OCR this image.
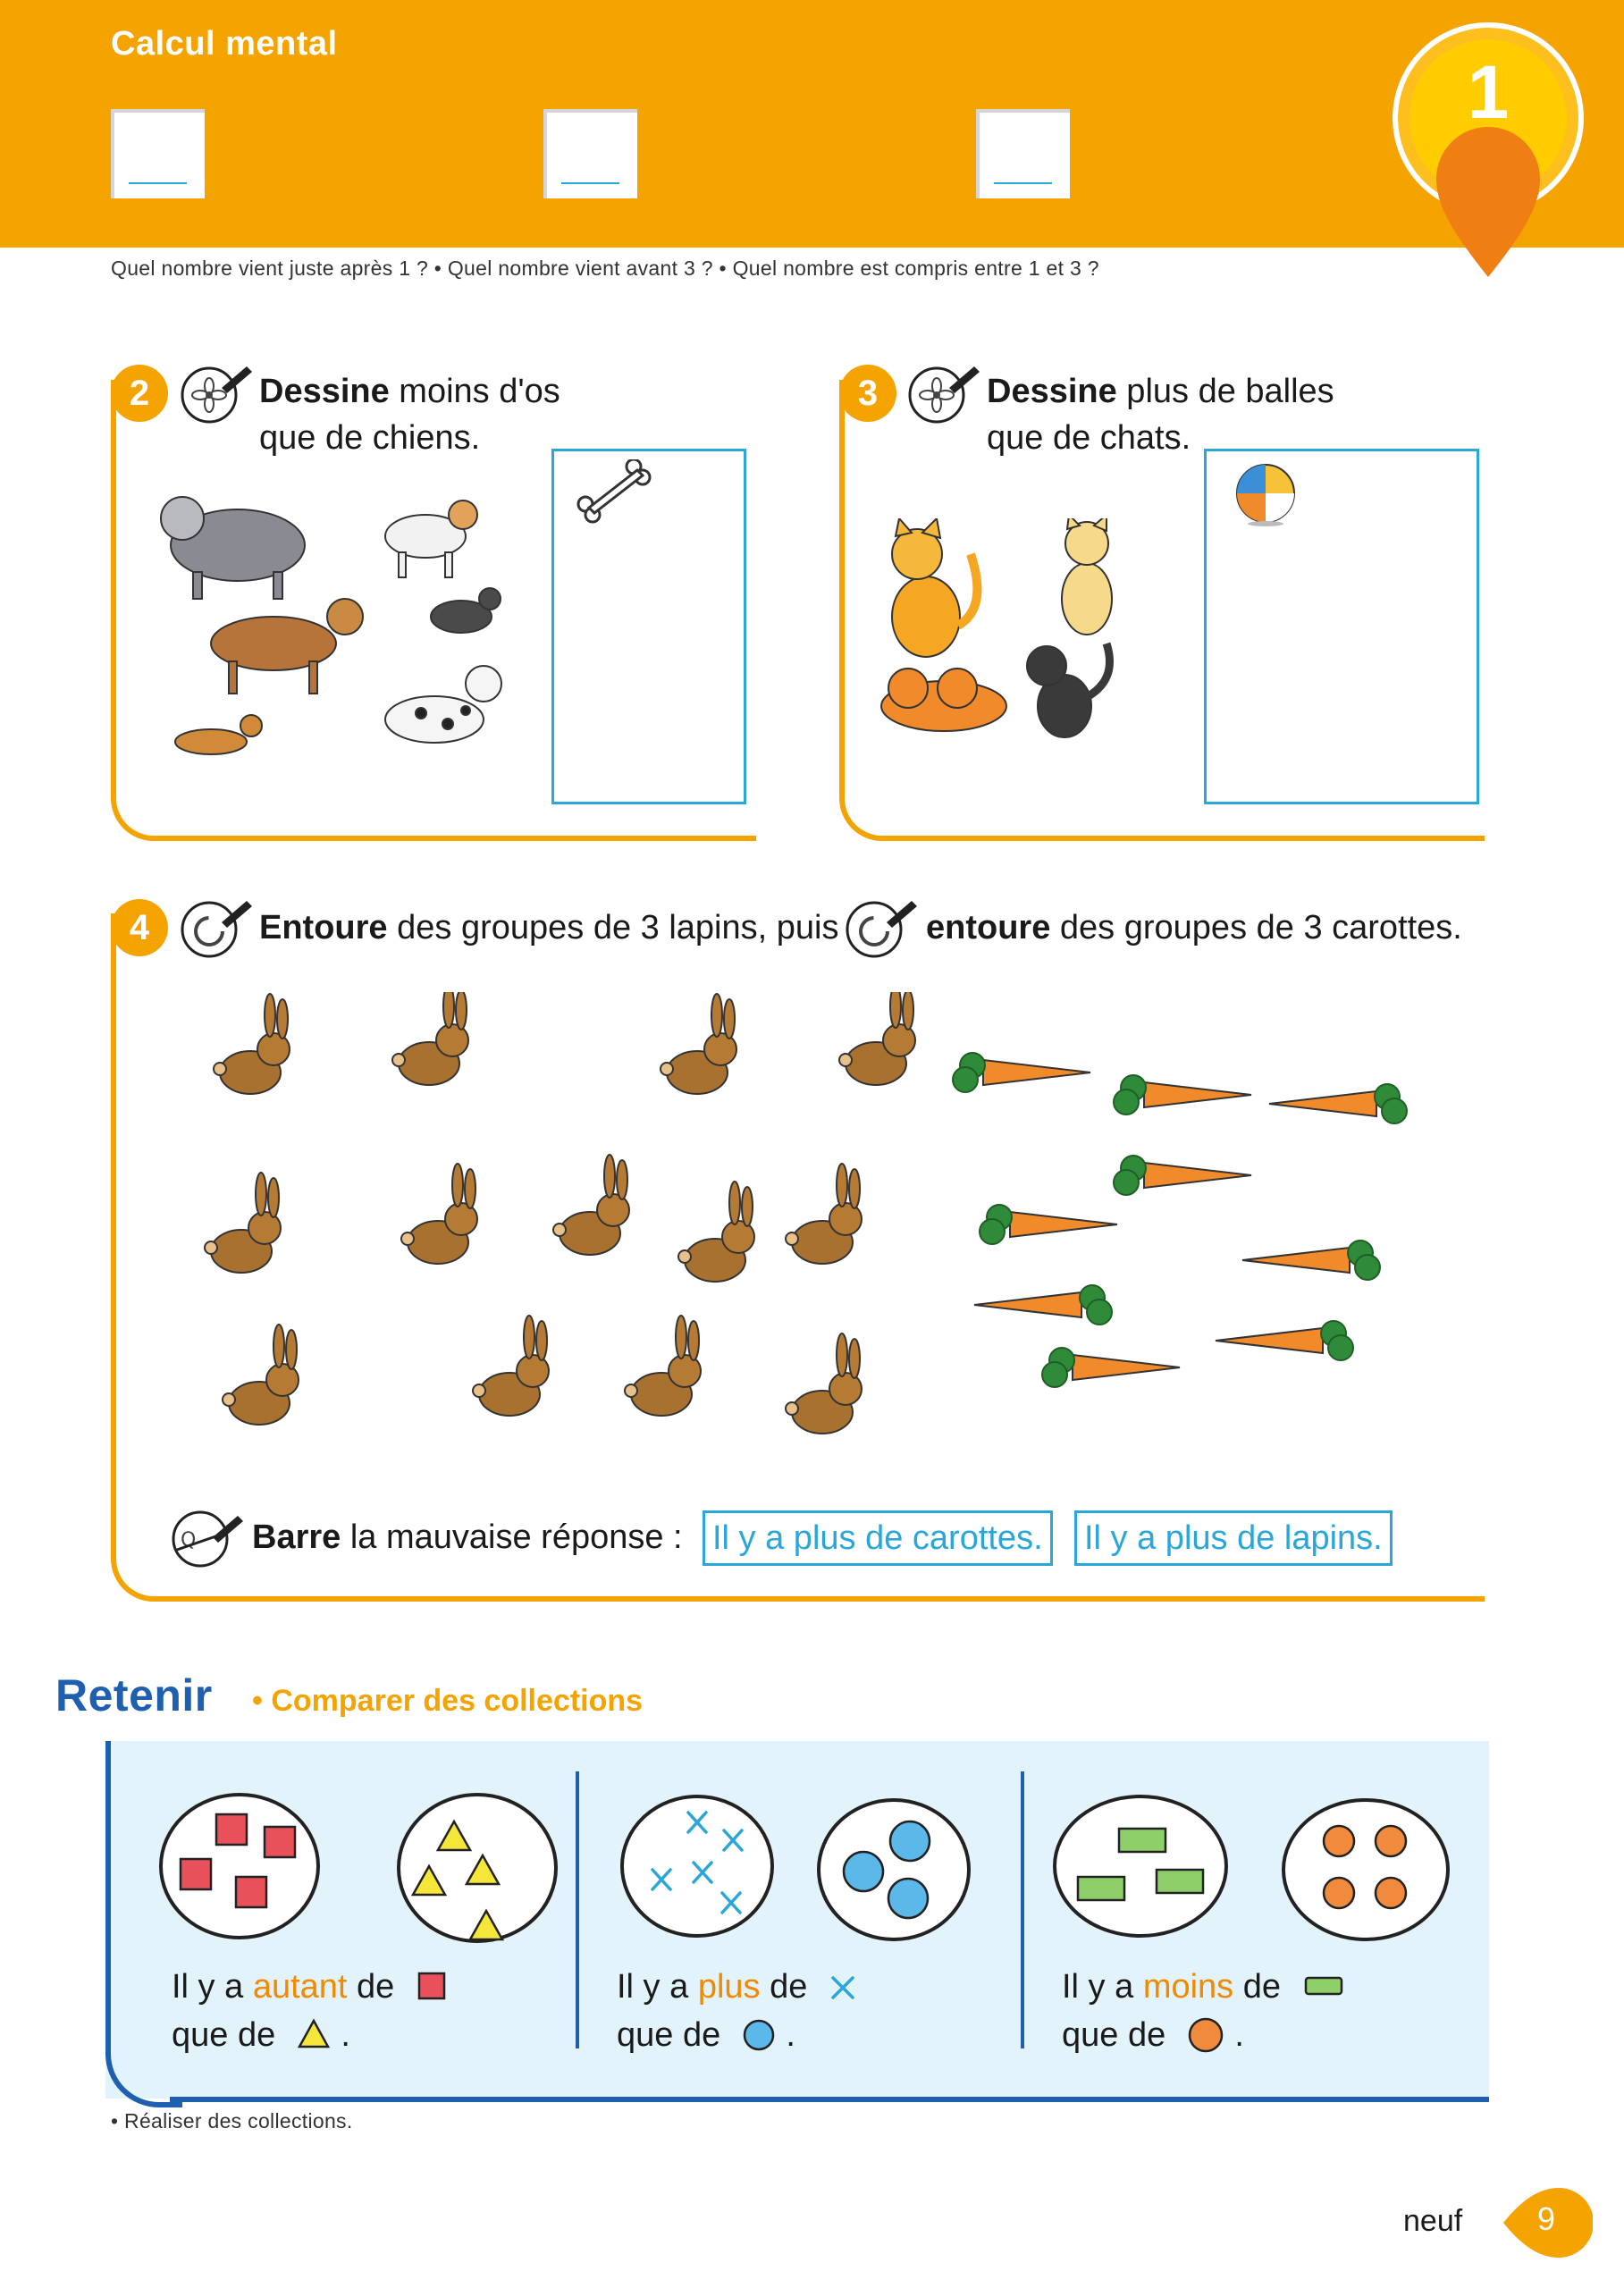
Calcul mental
1
Quel nombre vient juste après 1 ? • Quel nombre vient avant 3 ? • Quel nombre est compris entre 1 et 3 ?
2	Dessine moins d'os
que de chiens.
3	Dessine plus de balles
que de chats.
4	Entoure des groupes de 3 lapins, puis	entoure des groupes de 3 carottes.
Q Barre la mauvaise réponse : Il y a plus de carottes. Il y a plus de lapins.
Retenir • Comparer des collections
Il y a autant de
que de .
Il y a plus de
que de .
Il y a moins de
que de .
• Réaliser des collections.
neuf	9
